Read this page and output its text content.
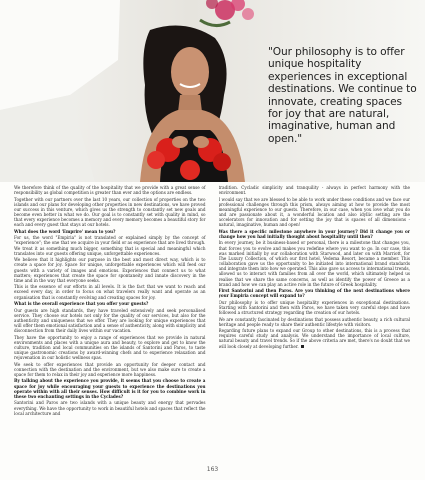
"Our philosophy is to offer unique hospitality experiences in exceptional destinations. We continue to innovate, creating spaces for joy that are natural, imaginative, human and open."

We therefore think of the quality of the hospitality that we provide with a great sense of responsibility as global competition is greater than ever and the options are endless.

Together with our partners over the last 10 years, our collection of properties on the two islands and our plans for developing other properties in new destinations, we have proved our success in this venture, which gives us the strength to constantly set new goals and become even better in what we do. Our goal is to constantly set with quality in mind, so that every experience becomes a memory and every memory becomes a beautiful story for each and every guest that stays at our hotels.

What does the word 'Emprire' mean to you?

For us, the word "Empiria" is not translated or explained simply by the concept of "experience"; the one that we acquire in your field or as experience that are lived through. We treat it as something much bigger, something that is special and meaningful which translates into our guests offering unique, unforgettable experiences.

We believe that it highlights our purpose in the best and most direct way, which is to create a space for joy. Space for unique, unforgettable experiences which will feed our guests with a variety of images and emotions. Experiences that connect us to what matters; experiences that create the space for spontaneity and innate discovery in the time and in the way that everyone seeks.

This is the essence of our efforts in all levels. It is the fact that we want to reach and exceed every day, in order to focus on what travelers really want and operate as an organisation that is constantly evolving and creating spaces for joy.

What is the overall experience that you offer your guests?

Our guests are high standards, they have traveled extensively and seek personalised service. They choose our hotels not only for the quality of our services, but also for the authenticity and uniqueness that we offer. They are looking for unique experiences that will offer them emotional satisfaction and a sense of authenticity, along with simplicity and disconnection from their daily lives within our vacation.

They have the opportunity to enjoy a range of experiences that we provide in natural environments and places with a unique aura and beauty, to explore and get to know the culture, tradition and local communities on the islands of Santorini and Paros, to taste unique gastronomic creations by award-winning chefs and to experience relaxation and rejuvenation in our holistic wellness spas.

We seek to offer experiences that provide an opportunity for deeper contact and connection with the destination and the environment, but we also make sure to create a space for them to relax in their joy and experience more happiness.

By talking about the experience you provide, it seems that you choose to create a space for joy while encouraging your guests to experience the destinations you operate within with all their senses. How difficult is it for you to combine work in these two enchanting settings in the Cyclades?

Santorini and Paros are two islands with a unique beauty and energy that pervades everything. We have the opportunity to work in beautiful hotels and spaces that reflect the local architecture and

tradition. Cycladic simplicity and tranquility - always in perfect harmony with the environment.

I would say that we are blessed to be able to work under these conditions and we face our professional challenges through this prism, always aiming at how to provide the most meaningful experience to our guests. Therefore, in our case, when you love what you do and are passionate about it, a wonderful location and also idyllic setting are the accelerators for innovation and for setting the joy that is spaces of all dimensions - natural, imaginative, human and open!

Was there a specific milestone anywhere in your journey? Did it change you or change how you had initially thought about hospitality until then?

In every journey, be it business-based or personal, there is a milestone that changes you, that forces you to evolve and makes you redefine where you want to go. In our case, this was marked initially by our collaboration with Starwood, and later on with Marriott, for The Luxury Collection, of which our first hotel, Vedema Resort, became a member. This collaboration gave us the opportunity to be initiated into international brand standards and integrate them into how we operated. This also gave us access to international trends, allowed us to interact with families from all over the world, which ultimately helped us realise that we share the same concerns, as well as identify the power of Greece as a brand and how we can play an active role in the future of Greek hospitality.

First Santorini and then Paros. Are you thinking of the next destinations where your Empiria concept will expand to?

Our philosophy is to offer unique hospitality experiences in exceptional destinations. Starting with Santorini and then with Paros, we have taken very careful steps and have followed a structured strategy regarding the creation of our hotels.

We are constantly fascinated by destinations that possess authentic beauty, a rich cultural heritage and people ready to share their authentic lifestyle with visitors.

Regarding future plans to expand our Group to other destinations, this is a process that requires careful study and analysis. We understand the importance of local culture, natural beauty and travel trends. So if the above criteria are met, there's no doubt that we will look closely at developing further.

163
